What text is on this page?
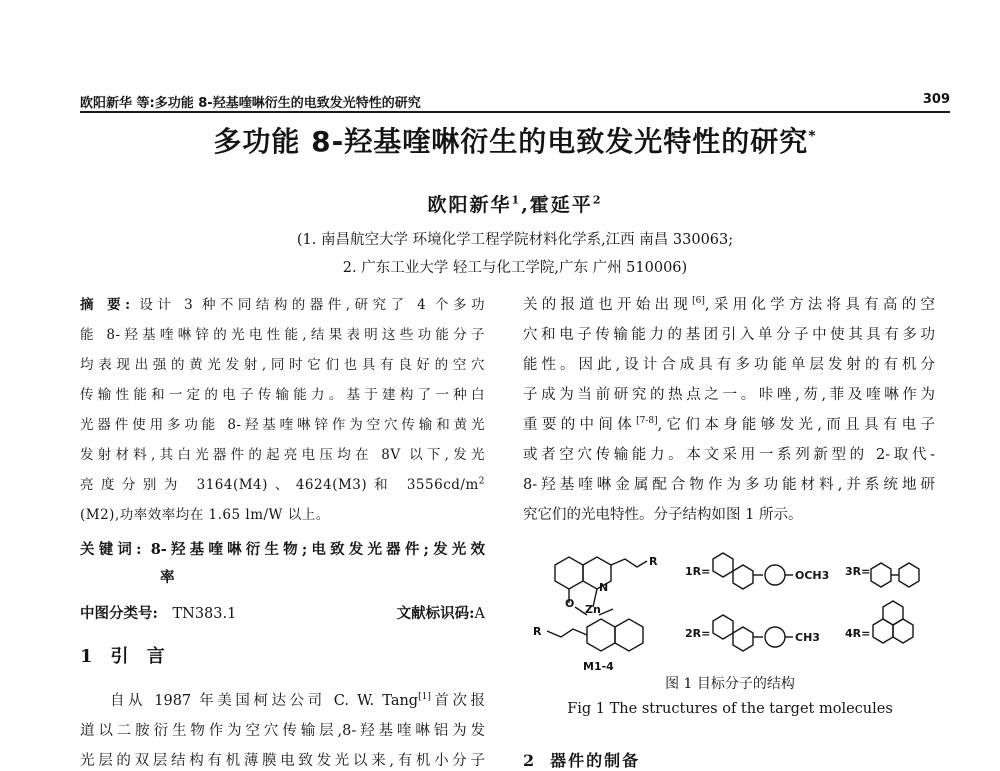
欧阳新华 等:多功能 8-羟基喹啉衍生的电致发光特性的研究	309
多功能 8-羟基喹啉衍生的电致发光特性的研究*
欧阳新华$^1$,霍延平$^2$
(1. 南昌航空大学 环境化学工程学院材料化学系,江西 南昌 330063;
2. 广东工业大学 轻工与化工学院,广东 广州 510006)
摘 要: 设计 3 种不同结构的器件,研究了 4 个多功
能 8-羟基喹啉锌的光电性能,结果表明这些功能分子
均表现出强的黄光发射,同时它们也具有良好的空穴
传输性能和一定的电子传输能力。基于建构了一种白
光器件使用多功能 8-羟基喹啉锌作为空穴传输和黄光
发射材料,其白光器件的起亮电压均在 8V 以下,发光
亮度分别为 3164(M4)、4624(M3)和 $3556cd/m^2$
(M2),功率效率均在 1.65 lm/W 以上。
关键词: 8-羟基喹啉衍生物;电致发光器件;发光效
率
中图分类号: TN383.1	文献标识码:A
1 引 言
自从 1987 年美国柯达公司 C. W. Tang[1]首次报
道以二胺衍生物作为空穴传输层,8-羟基喹啉铝为发
光层的双层结构有机薄膜电致发光以来,有机小分子
关的报道也开始出现[6],采用化学方法将具有高的空
穴和电子传输能力的基团引入单分子中使其具有多功
能性。因此,设计合成具有多功能单层发射的有机分
子成为当前研究的热点之一。咔唑,芴,菲及喹啉作为
重要的中间体[7-8],它们本身能够发光,而且具有电子
或者空穴传输能力。本文采用一系列新型的 2-取代-
8-羟基喹啉金属配合物作为多功能材料,并系统地研
究它们的光电特性。分子结构如图 1 所示。
R
R
O Zn
N
M1-4
1R=	OCH3 3R=
2R=	CH3 4R=
图 1 目标分子的结构
Fig 1 The structures of the target molecules
2 器件的制备
